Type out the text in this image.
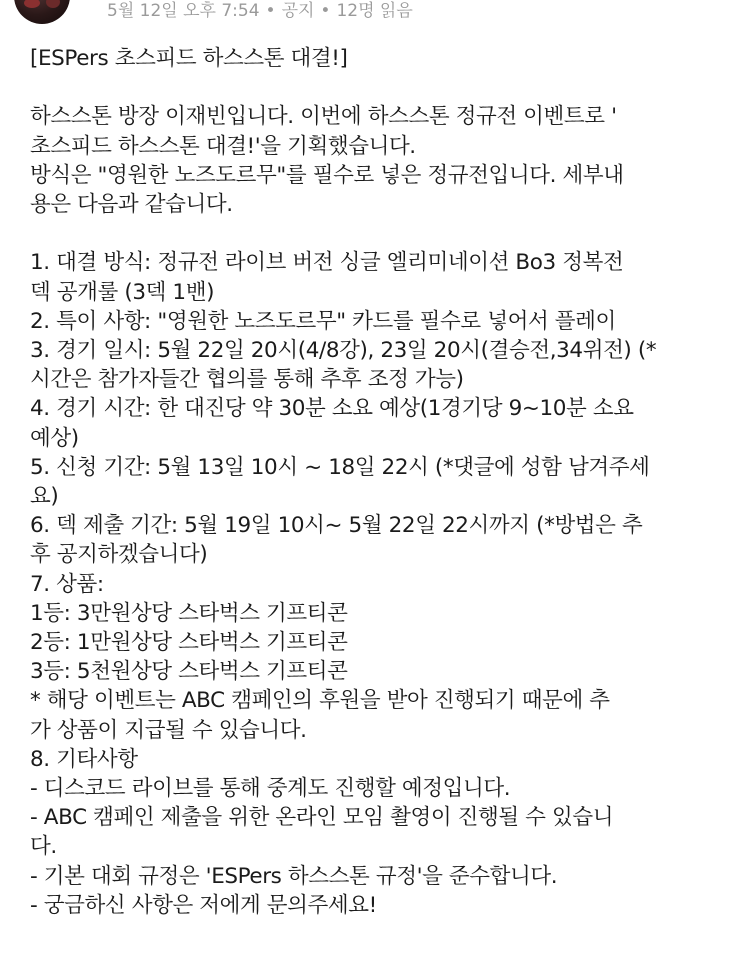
5월 12일 오후 7:54 • 공지 • 12명 읽음
[ESPers 초스피드 하스스톤 대결!]
하스스톤 방장 이재빈입니다. 이번에 하스스톤 정규전 이벤트로 '
초스피드 하스스톤 대결!'을 기획했습니다.
방식은 "영원한 노즈도르무"를 필수로 넣은 정규전입니다. 세부내
용은 다음과 같습니다.
1. 대결 방식: 정규전 라이브 버전 싱글 엘리미네이션 Bo3 정복전
덱 공개룰 (3덱 1밴)
2. 특이 사항: "영원한 노즈도르무" 카드를 필수로 넣어서 플레이
3. 경기 일시: 5월 22일 20시(4/8강), 23일 20시(결승전,34위전) (*
시간은 참가자들간 협의를 통해 추후 조정 가능)
4. 경기 시간: 한 대진당 약 30분 소요 예상(1경기당 9~10분 소요
예상)
5. 신청 기간: 5월 13일 10시 ~ 18일 22시 (*댓글에 성함 남겨주세
요)
6. 덱 제출 기간: 5월 19일 10시~ 5월 22일 22시까지 (*방법은 추
후 공지하겠습니다)
7. 상품:
1등: 3만원상당 스타벅스 기프티콘
2등: 1만원상당 스타벅스 기프티콘
3등: 5천원상당 스타벅스 기프티콘
* 해당 이벤트는 ABC 캠페인의 후원을 받아 진행되기 때문에 추
가 상품이 지급될 수 있습니다.
8. 기타사항
- 디스코드 라이브를 통해 중계도 진행할 예정입니다.
- ABC 캠페인 제출을 위한 온라인 모임 촬영이 진행될 수 있습니
다.
- 기본 대회 규정은 'ESPers 하스스톤 규정'을 준수합니다.
- 궁금하신 사항은 저에게 문의주세요!
